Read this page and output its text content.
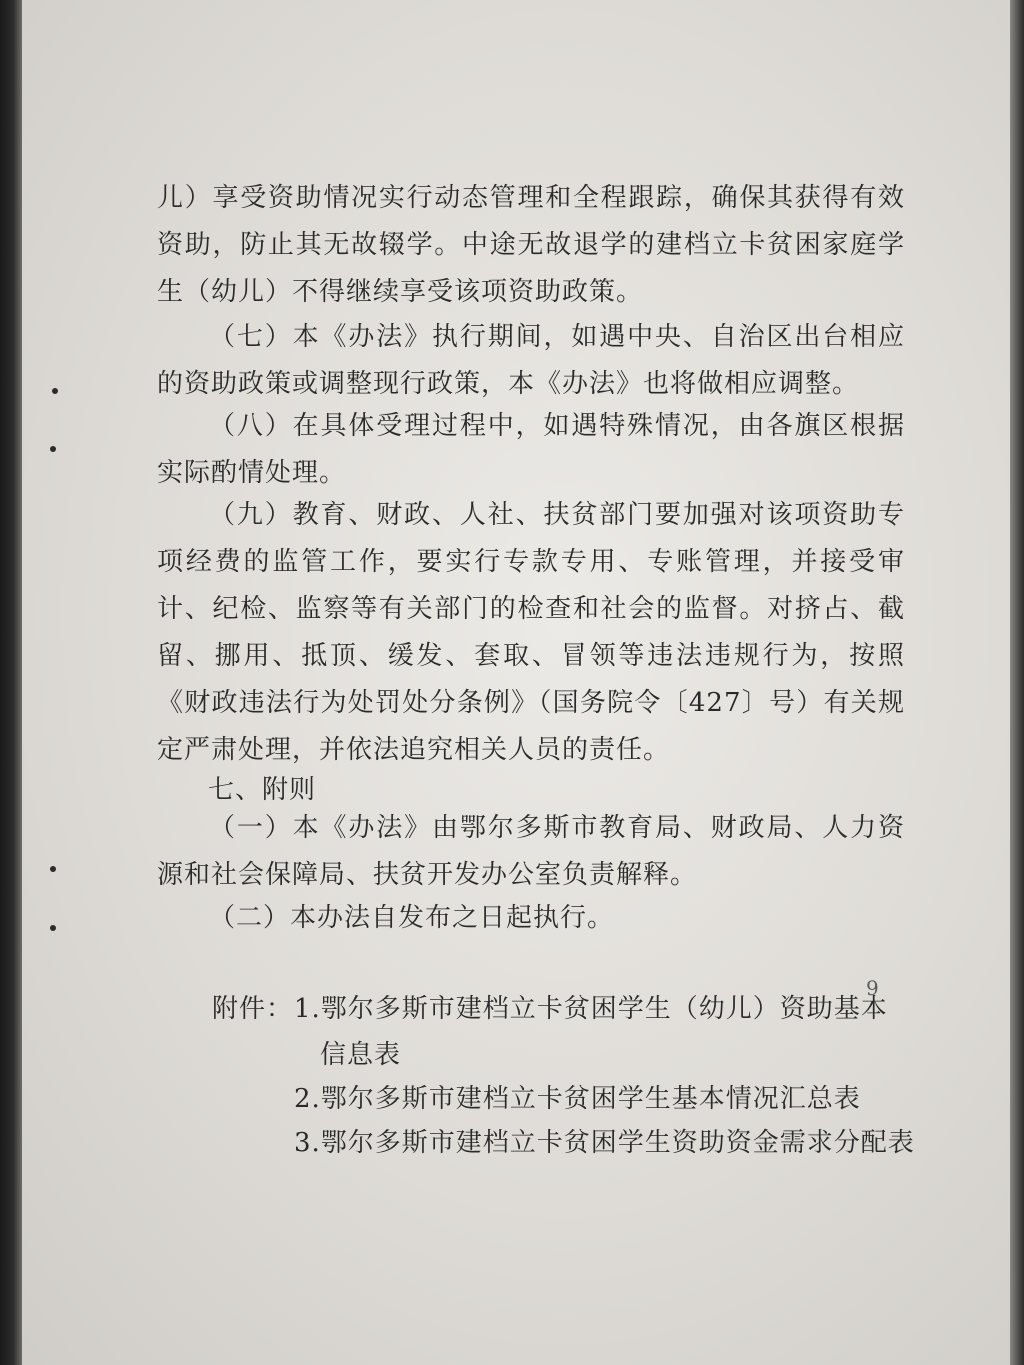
儿）享受资助情况实行动态管理和全程跟踪，确保其获得有效资助，防止其无故辍学。中途无故退学的建档立卡贫困家庭学生（幼儿）不得继续享受该项资助政策。

（七）本《办法》执行期间，如遇中央、自治区出台相应的资助政策或调整现行政策，本《办法》也将做相应调整。

（八）在具体受理过程中，如遇特殊情况，由各旗区根据实际酌情处理。

（九）教育、财政、人社、扶贫部门要加强对该项资助专项经费的监管工作，要实行专款专用、专账管理，并接受审计、纪检、监察等有关部门的检查和社会的监督。对挤占、截留、挪用、抵顶、缓发、套取、冒领等违法违规行为，按照《财政违法行为处罚处分条例》（国务院令〔427〕号）有关规定严肃处理，并依法追究相关人员的责任。

七、附则

（一）本《办法》由鄂尔多斯市教育局、财政局、人力资源和社会保障局、扶贫开发办公室负责解释。

（二）本办法自发布之日起执行。

附件： 1.鄂尔多斯市建档立卡贫困学生（幼儿）资助基本
信息表
2.鄂尔多斯市建档立卡贫困学生基本情况汇总表
3.鄂尔多斯市建档立卡贫困学生资助资金需求分配表
9
